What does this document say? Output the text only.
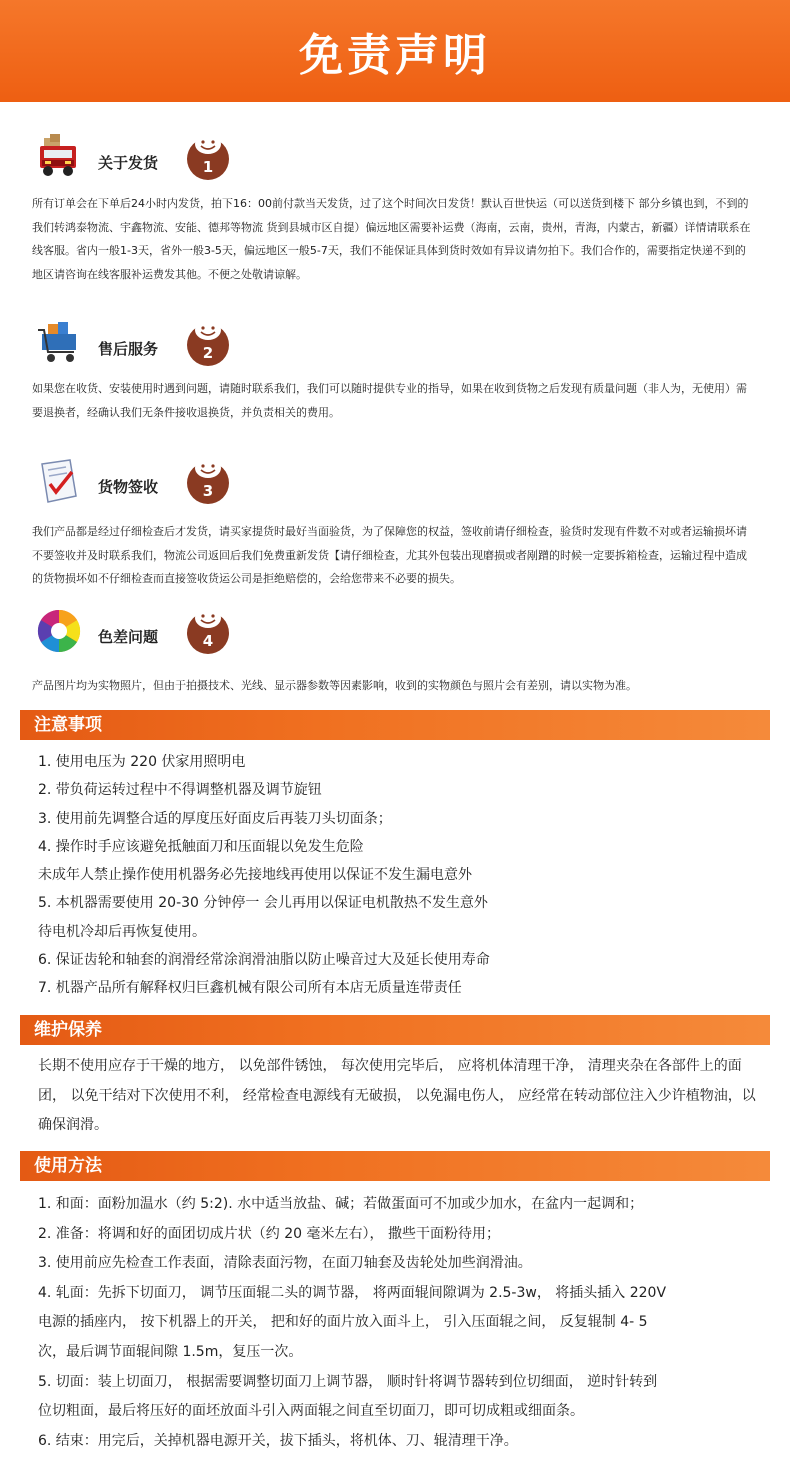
免责声明
关于发货	1
所有订单会在下单后24小时内发货，拍下16：00前付款当天发货，过了这个时间次日发货！默认百世快运（可以送货到楼下 部分乡镇也到，不到的我们转鸿泰物流、宇鑫物流、安能、德邦等物流 货到县城市区自提）偏远地区需要补运费（海南，云南，贵州，青海，内蒙古，新疆）详情请联系在线客服。省内一般1-3天，省外一般3-5天，偏远地区一般5-7天，我们不能保证具体到货时效如有异议请勿拍下。我们合作的，需要指定快递不到的地区请咨询在线客服补运费发其他。不便之处敬请谅解。
售后服务	2
如果您在收货、安装使用时遇到问题，请随时联系我们，我们可以随时提供专业的指导，如果在收到货物之后发现有质量问题（非人为，无使用）需要退换者，经确认我们无条件接收退换货，并负责相关的费用。
货物签收	3
我们产品都是经过仔细检查后才发货，请买家提货时最好当面验货，为了保障您的权益，签收前请仔细检查，验货时发现有件数不对或者运输损坏请不要签收并及时联系我们，物流公司返回后我们免费重新发货【请仔细检查，尤其外包装出现磨损或者剐蹭的时候一定要拆箱检查，运输过程中造成的货物损坏如不仔细检查而直接签收货运公司是拒绝赔偿的，会给您带来不必要的损失。
色差问题	4
产品图片均为实物照片，但由于拍摄技术、光线、显示器参数等因素影响，收到的实物颜色与照片会有差别，请以实物为准。
注意事项
1. 使用电压为 220 伏家用照明电
2. 带负荷运转过程中不得调整机器及调节旋钮
3. 使用前先调整合适的厚度压好面皮后再装刀头切面条；
4. 操作时手应该避免抵触面刀和压面辊以免发生危险
未成年人禁止操作使用机器务必先接地线再使用以保证不发生漏电意外
5. 本机器需要使用 20-30 分钟停一 会儿再用以保证电机散热不发生意外
待电机冷却后再恢复使用。
6. 保证齿轮和轴套的润滑经常涂润滑油脂以防止噪音过大及延长使用寿命
7. 机器产品所有解释权归巨鑫机械有限公司所有本店无质量连带责任
维护保养
长期不使用应存于干燥的地方， 以免部件锈蚀， 每次使用完毕后， 应将机体清理干净， 清理夹杂在各部件上的面团， 以免干结对下次使用不利， 经常检查电源线有无破损， 以免漏电伤人， 应经常在转动部位注入少许植物油，以确保润滑。
使用方法
1. 和面：面粉加温水（约 5:2). 水中适当放盐、碱；若做蛋面可不加或少加水，在盆内一起调和；
2. 准备：将调和好的面团切成片状（约 20 毫米左右）， 撒些干面粉待用；
3. 使用前应先检查工作表面，清除表面污物，在面刀轴套及齿轮处加些润滑油。
4. 轧面：先拆下切面刀， 调节压面辊二头的调节器， 将两面辊间隙调为 2.5-3w， 将插头插入 220V
电源的插座内， 按下机器上的开关， 把和好的面片放入面斗上， 引入压面辊之间， 反复辊制 4- 5
次，最后调节面辊间隙 1.5m，复压一次。
5. 切面：装上切面刀， 根据需要调整切面刀上调节器， 顺时针将调节器转到位切细面， 逆时针转到
位切粗面，最后将压好的面坯放面斗引入两面辊之间直至切面刀，即可切成粗或细面条。
6. 结束：用完后，关掉机器电源开关，拔下插头，将机体、刀、辊清理干净。
